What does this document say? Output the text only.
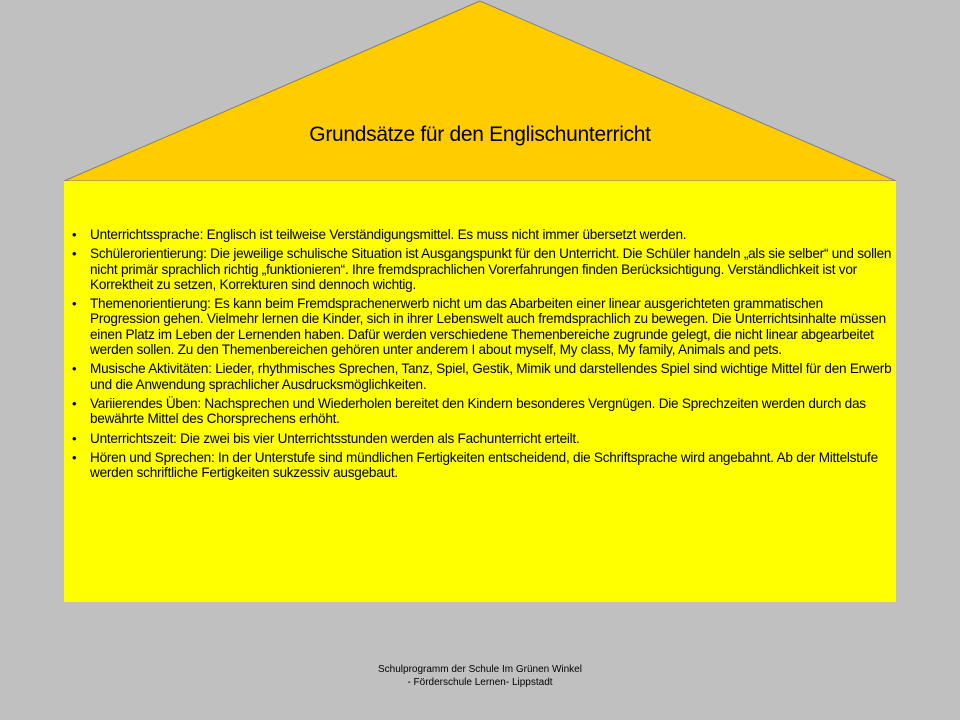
Grundsätze für den Englischunterricht
• Unterrichtssprache: Englisch ist teilweise Verständigungsmittel. Es muss nicht immer übersetzt werden.
• Schülerorientierung: Die jeweilige schulische Situation ist Ausgangspunkt für den Unterricht. Die Schüler handeln „als sie selber“ und sollen nicht primär sprachlich richtig „funktionieren“. Ihre fremdsprachlichen Vorerfahrungen finden Berücksichtigung. Verständlichkeit ist vor Korrektheit zu setzen, Korrekturen sind dennoch wichtig.
• Themenorientierung: Es kann beim Fremdsprachenerwerb nicht um das Abarbeiten einer linear ausgerichteten grammatischen Progression gehen. Vielmehr lernen die Kinder, sich in ihrer Lebenswelt auch fremdsprachlich zu bewegen. Die Unterrichtsinhalte müssen einen Platz im Leben der Lernenden haben. Dafür werden verschiedene Themenbereiche zugrunde gelegt, die nicht linear abgearbeitet werden sollen. Zu den Themenbereichen gehören unter anderem I about myself, My class, My family, Animals and pets.
• Musische Aktivitäten: Lieder, rhythmisches Sprechen, Tanz, Spiel, Gestik, Mimik und darstellendes Spiel sind wichtige Mittel für den Erwerb und die Anwendung sprachlicher Ausdrucksmöglichkeiten.
• Variierendes Üben: Nachsprechen und Wiederholen bereitet den Kindern besonderes Vergnügen. Die Sprechzeiten werden durch das bewährte Mittel des Chorsprechens erhöht.
• Unterrichtszeit: Die zwei bis vier Unterrichtsstunden werden als Fachunterricht erteilt.
• Hören und Sprechen: In der Unterstufe sind mündlichen Fertigkeiten entscheidend, die Schriftsprache wird angebahnt. Ab der Mittelstufe werden schriftliche Fertigkeiten sukzessiv ausgebaut.
Schulprogramm der Schule Im Grünen Winkel
- Förderschule Lernen- Lippstadt
